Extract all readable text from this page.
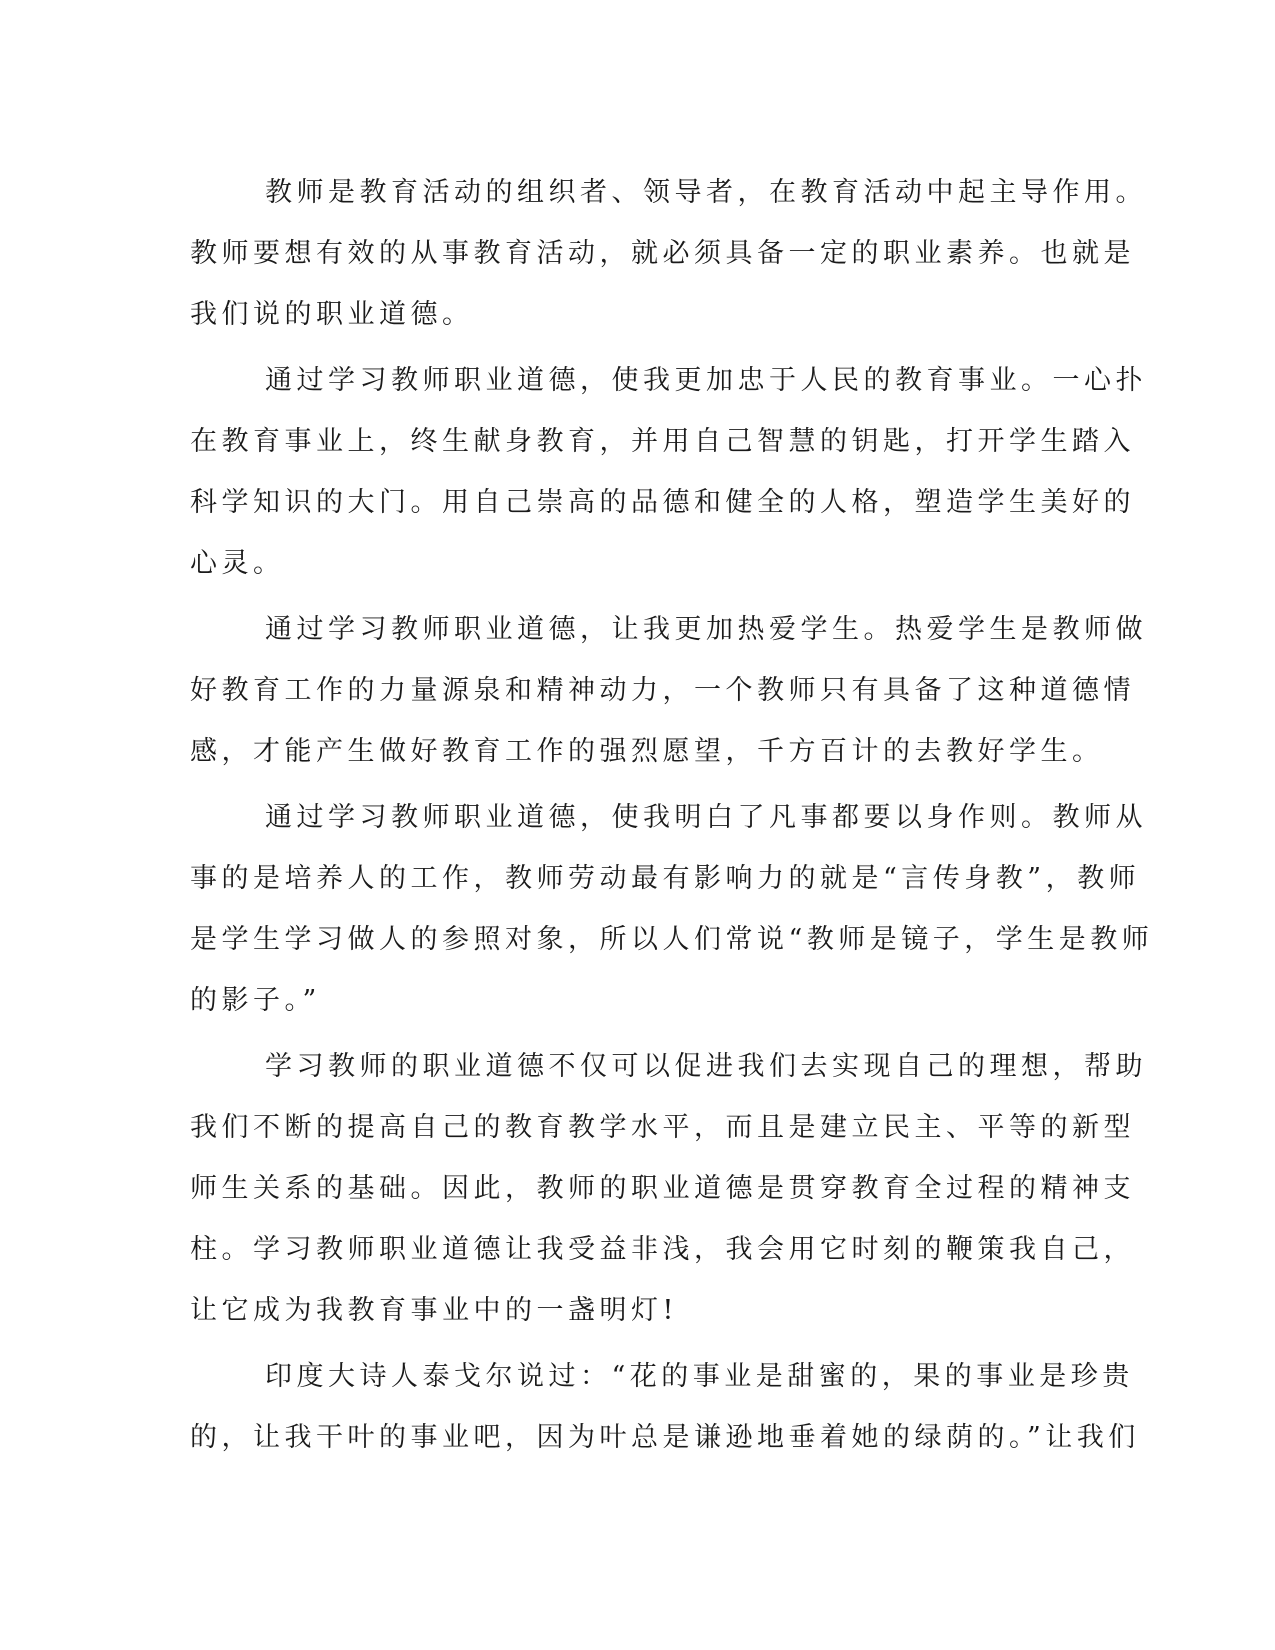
教师是教育活动的组织者、领导者，在教育活动中起主导作用。
教师要想有效的从事教育活动，就必须具备一定的职业素养。也就是
我们说的职业道德。
通过学习教师职业道德，使我更加忠于人民的教育事业。一心扑
在教育事业上，终生献身教育，并用自己智慧的钥匙，打开学生踏入
科学知识的大门。用自己崇高的品德和健全的人格，塑造学生美好的
心灵。
通过学习教师职业道德，让我更加热爱学生。热爱学生是教师做
好教育工作的力量源泉和精神动力，一个教师只有具备了这种道德情
感，才能产生做好教育工作的强烈愿望，千方百计的去教好学生。
通过学习教师职业道德，使我明白了凡事都要以身作则。教师从
事的是培养人的工作，教师劳动最有影响力的就是“言传身教”，教师
是学生学习做人的参照对象，所以人们常说“教师是镜子，学生是教师
的影子。”
学习教师的职业道德不仅可以促进我们去实现自己的理想，帮助
我们不断的提高自己的教育教学水平，而且是建立民主、平等的新型
师生关系的基础。因此，教师的职业道德是贯穿教育全过程的精神支
柱。学习教师职业道德让我受益非浅，我会用它时刻的鞭策我自己，
让它成为我教育事业中的一盏明灯!
印度大诗人泰戈尔说过：“花的事业是甜蜜的，果的事业是珍贵
的，让我干叶的事业吧，因为叶总是谦逊地垂着她的绿荫的。”让我们
